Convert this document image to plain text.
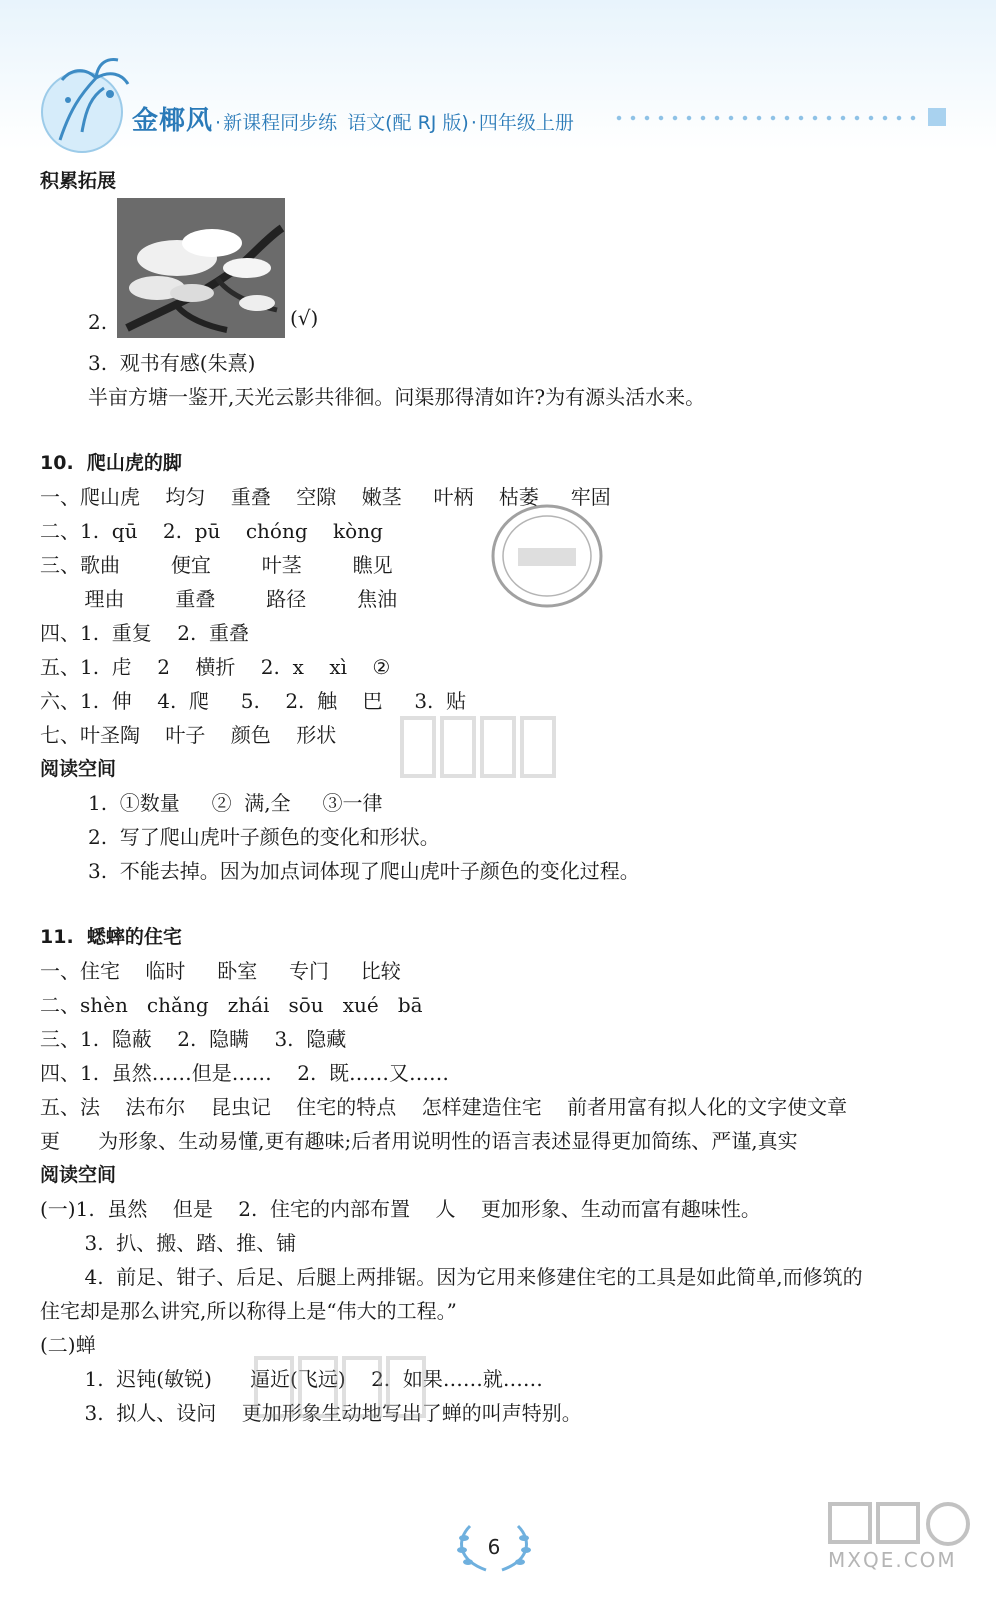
金椰风 · 新课程同步练 语文(配 RJ 版) · 四年级上册
积累拓展
2.	(√)
3.  观书有感(朱熹)
半亩方塘一鉴开,天光云影共徘徊。问渠那得清如许?为有源头活水来。
10.  爬山虎的脚
一、爬山虎    均匀    重叠    空隙    嫩茎     叶柄    枯萎     牢固
二、1.  qū    2.  pū    chóng    kòng
三、歌曲        便宜        叶茎        瞧见
理由        重叠        路径        焦油
四、1.  重复    2.  重叠
五、1.  虍    2    横折    2.  x    xì    ②
六、1.  伸    4.  爬     5.    2.  触    巴     3.  贴
七、叶圣陶    叶子    颜色    形状
阅读空间
1.  ①数量     ②  满,全     ③一律
2.  写了爬山虎叶子颜色的变化和形状。
3.  不能去掉。因为加点词体现了爬山虎叶子颜色的变化过程。
11.  蟋蟀的住宅
一、住宅    临时     卧室     专门     比较
二、shèn   chǎng   zhái   sōu   xué   bā
三、1.  隐蔽    2.  隐瞒    3.  隐藏
四、1.  虽然……但是……    2.  既……又……
五、法    法布尔    昆虫记    住宅的特点    怎样建造住宅    前者用富有拟人化的文字使文章
更      为形象、生动易懂,更有趣味;后者用说明性的语言表述显得更加简练、严谨,真实
阅读空间
(一)1.  虽然    但是    2.  住宅的内部布置    人    更加形象、生动而富有趣味性。
3.  扒、搬、踏、推、铺
4.  前足、钳子、后足、后腿上两排锯。因为它用来修建住宅的工具是如此简单,而修筑的
住宅却是那么讲究,所以称得上是“伟大的工程。”
(二)蝉
1.  迟钝(敏锐)      逼近(飞远)    2.  如果……就……
3.  拟人、设问    更加形象生动地写出了蝉的叫声特别。
6
MXQE.COM
